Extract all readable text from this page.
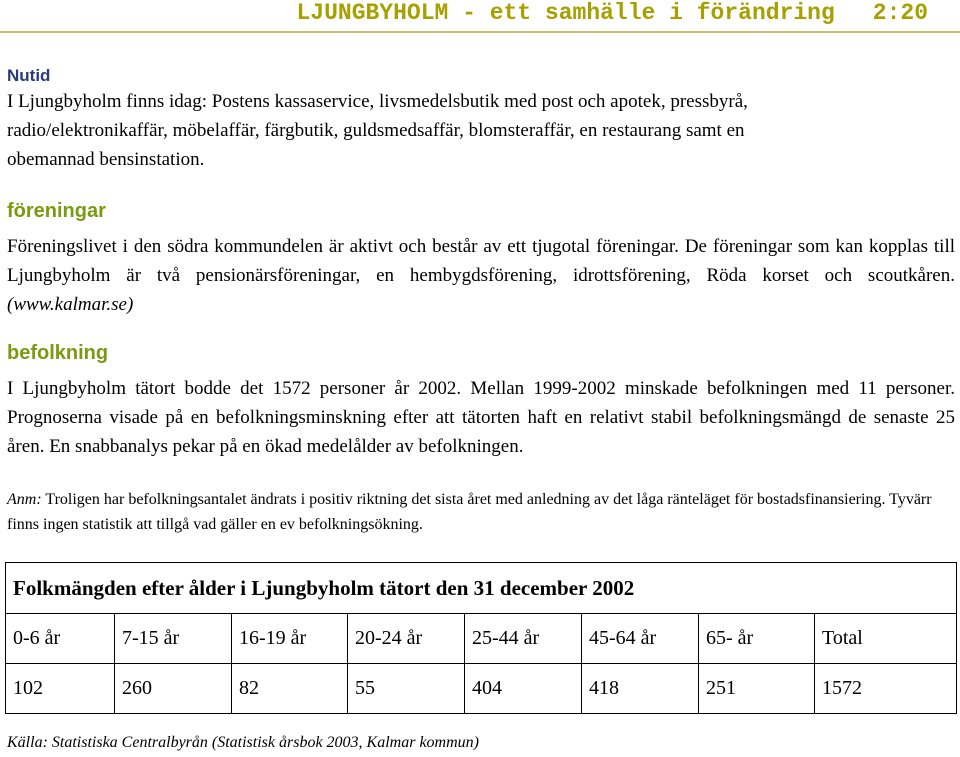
LJUNGBYHOLM - ett samhälle i förändring 2:20
Nutid

I Ljungbyholm finns idag: Postens kassaservice, livsmedelsbutik med post och apotek, pressbyrå,
radio/elektronikaffär, möbelaffär, färgbutik, guldsmedsaffär, blomsteraffär, en restaurang samt en
obemannad bensinstation.

föreningar

Föreningslivet i den södra kommundelen är aktivt och består av ett tjugotal föreningar. De föreningar som kan kopplas till Ljungbyholm är två pensionärsföreningar, en hembygdsförening, idrottsförening, Röda korset och scoutkåren. (www.kalmar.se)

befolkning

I Ljungbyholm tätort bodde det 1572 personer år 2002. Mellan 1999-2002 minskade befolkningen med 11 personer. Prognoserna visade på en befolkningsminskning efter att tätorten haft en relativt stabil befolkningsmängd de senaste 25 åren. En snabbanalys pekar på en ökad medelålder av befolkningen.

Anm: Troligen har befolkningsantalet ändrats i positiv riktning det sista året med anledning av det låga ränteläget för bostadsfinansiering. Tyvärr finns ingen statistik att tillgå vad gäller en ev befolkningsökning.

Folkmängden efter ålder i Ljungbyholm tätort den 31 december 2002							
0-6 år	7-15 år	16-19 år	20-24 år	25-44 år	45-64 år	65- år	Total
102	260	82	55	404	418	251	1572
Källa: Statistiska Centralbyrån (Statistisk årsbok 2003, Kalmar kommun)
